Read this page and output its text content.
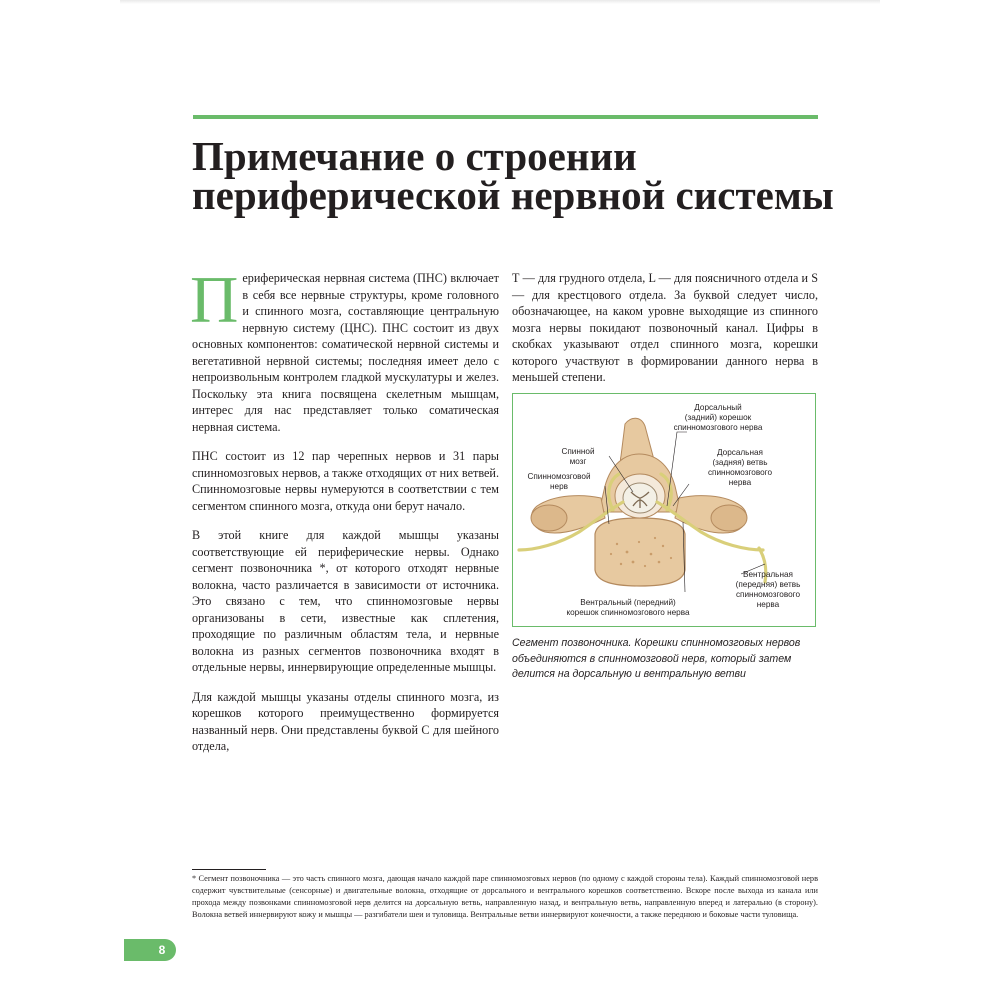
Примечание о строении
периферической нервной системы

Периферическая нервная система (ПНС) включает в себя все нервные структуры, кроме головного и спинного мозга, составляющие центральную нервную систему (ЦНС). ПНС состоит из двух основных компонентов: соматической нервной системы и вегетативной нервной системы; последняя имеет дело с непроизвольным контролем гладкой мускулатуры и желез. Поскольку эта книга посвящена скелетным мышцам, интерес для нас представляет только соматическая нервная система.

ПНС состоит из 12 пар черепных нервов и 31 пары спинномозговых нервов, а также отходящих от них ветвей. Спинномозговые нервы нумеруются в соответствии с тем сегментом спинного мозга, откуда они берут начало.

В этой книге для каждой мышцы указаны соответствующие ей периферические нервы. Однако сегмент позвоночника *, от которого отходят нервные волокна, часто различается в зависимости от источника. Это связано с тем, что спинномозговые нервы организованы в сети, известные как сплетения, проходящие по различным областям тела, и нервные волокна из разных сегментов позвоночника входят в отдельные нервы, иннервирующие определенные мышцы.

Для каждой мышцы указаны отделы спинного мозга, из корешков которого преимущественно формируется названный нерв. Они представлены буквой С для шейного отдела,

Т — для грудного отдела, L — для поясничного отдела и S — для крестцового отдела. За буквой следует число, обозначающее, на каком уровне выходящие из спинного мозга нервы покидают позвоночный канал. Цифры в скобках указывают отдел спинного мозга, корешки которого участвуют в формировании данного нерва в меньшей степени.

Дорсальный
(задний) корешок
спинномозгового нерва
Спинной
мозг
Спинномозговой
нерв
Дорсальная
(задняя) ветвь
спинномозгового
нерва
Вентральная
(передняя) ветвь
спинномозгового
нерва
Вентральный (передний)
корешок спинномозгового нерва
Сегмент позвоночника. Корешки спинномозговых нервов объединяются в спинномозговой нерв, который затем делится на дорсальную и вентральную ветви
* Сегмент позвоночника — это часть спинного мозга, дающая начало каждой паре спинномозговых нервов (по одному с каждой стороны тела). Каждый спинномозговой нерв содержит чувствительные (сенсорные) и двигательные волокна, отходящие от дорсального и вентрального корешков соответственно. Вскоре после выхода из канала или прохода между позвонками спинномозговой нерв делится на дорсальную ветвь, направленную назад, и вентральную ветвь, направленную вперед и латерально (в сторону). Волокна ветвей иннервируют кожу и мышцы — разгибатели шеи и туловища. Вентральные ветви иннервируют конечности, а также переднюю и боковые части туловища.
8
